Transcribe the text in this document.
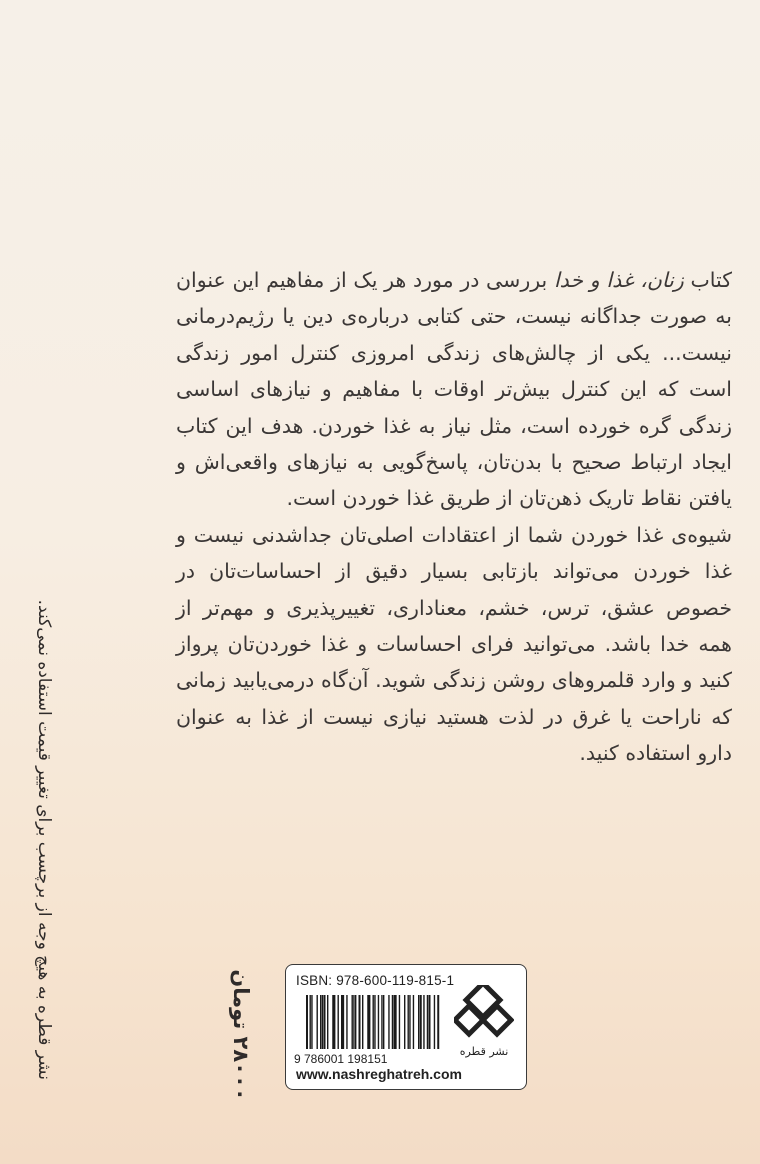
کتاب زنان، غذا و خدا بررسی در مورد هر یک از مفاهیم این عنوان به صورت جداگانه نیست، حتی کتابی درباره‌ی دین یا رژیم‌درمانی نیست... یکی از چالش‌های زندگی امروزی کنترل امور زندگی است که این کنترل بیش‌تر اوقات با مفاهیم و نیازهای اساسی زندگی گره خورده است، مثل نیاز به غذا خوردن. هدف این کتاب ایجاد ارتباط صحیح با بدن‌تان، پاسخ‌گویی به نیازهای واقعی‌اش و یافتن نقاط تاریک ذهن‌تان از طریق غذا خوردن است.

شیوه‌ی غذا خوردن شما از اعتقادات اصلی‌تان جداشدنی نیست و غذا خوردن می‌تواند بازتابی بسیار دقیق از احساسات‌تان در خصوص عشق، ترس، خشم، معناداری، تغییرپذیری و مهم‌تر از همه خدا باشد. می‌توانید فرای احساسات و غذا خوردن‌تان پرواز کنید و وارد قلمروهای روشن زندگی شوید. آن‌گاه درمی‌یابید زمانی که ناراحت یا غرق در لذت هستید نیازی نیست از غذا به عنوان دارو استفاده کنید.

نشر قطره به هیچ وجه از برچسب برای تغییر قیمت استفاده نمی‌کند.	۲۸۰۰۰ تومان
ISBN: 978-600-119-815-1
9 786001 198151
نشر قطره
www.nashreghatreh.com
